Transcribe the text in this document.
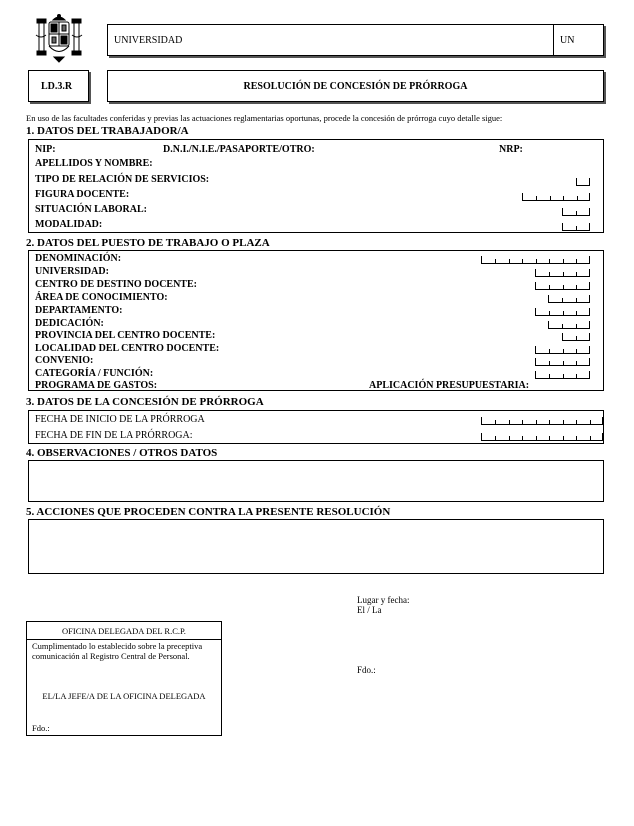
UNIVERSIDAD	UN
LD.3.R	RESOLUCIÓN DE CONCESIÓN DE PRÓRROGA
En uso de las facultades conferidas y previas las actuaciones reglamentarias oportunas, procede la concesión de prórroga cuyo detalle sigue:
1. DATOS DEL TRABAJADOR/A
NIP:	D.N.I./N.I.E./PASAPORTE/OTRO:	NRP:
APELLIDOS Y NOMBRE:
TIPO DE RELACIÓN DE SERVICIOS:
FIGURA DOCENTE:
SITUACIÓN LABORAL:
MODALIDAD:
2. DATOS DEL PUESTO DE TRABAJO O PLAZA
DENOMINACIÓN:
UNIVERSIDAD:
CENTRO DE DESTINO DOCENTE:
ÁREA DE CONOCIMIENTO:
DEPARTAMENTO:
DEDICACIÓN:
PROVINCIA DEL CENTRO DOCENTE:
LOCALIDAD DEL CENTRO DOCENTE:
CONVENIO:
CATEGORÍA / FUNCIÓN:
PROGRAMA DE GASTOS:	APLICACIÓN PRESUPUESTARIA:
3. DATOS DE LA CONCESIÓN DE PRÓRROGA
FECHA DE INICIO DE LA PRÓRROGA
FECHA DE FIN DE LA PRÓRROGA:
4. OBSERVACIONES / OTROS DATOS
5. ACCIONES QUE PROCEDEN CONTRA LA PRESENTE RESOLUCIÓN
Lugar y fecha:
El / La
Fdo.:
OFICINA DELEGADA DEL R.C.P.
Cumplimentado lo establecido sobre la preceptiva comunicación al Registro Central de Personal.
EL/LA JEFE/A DE LA OFICINA DELEGADA
Fdo.:
